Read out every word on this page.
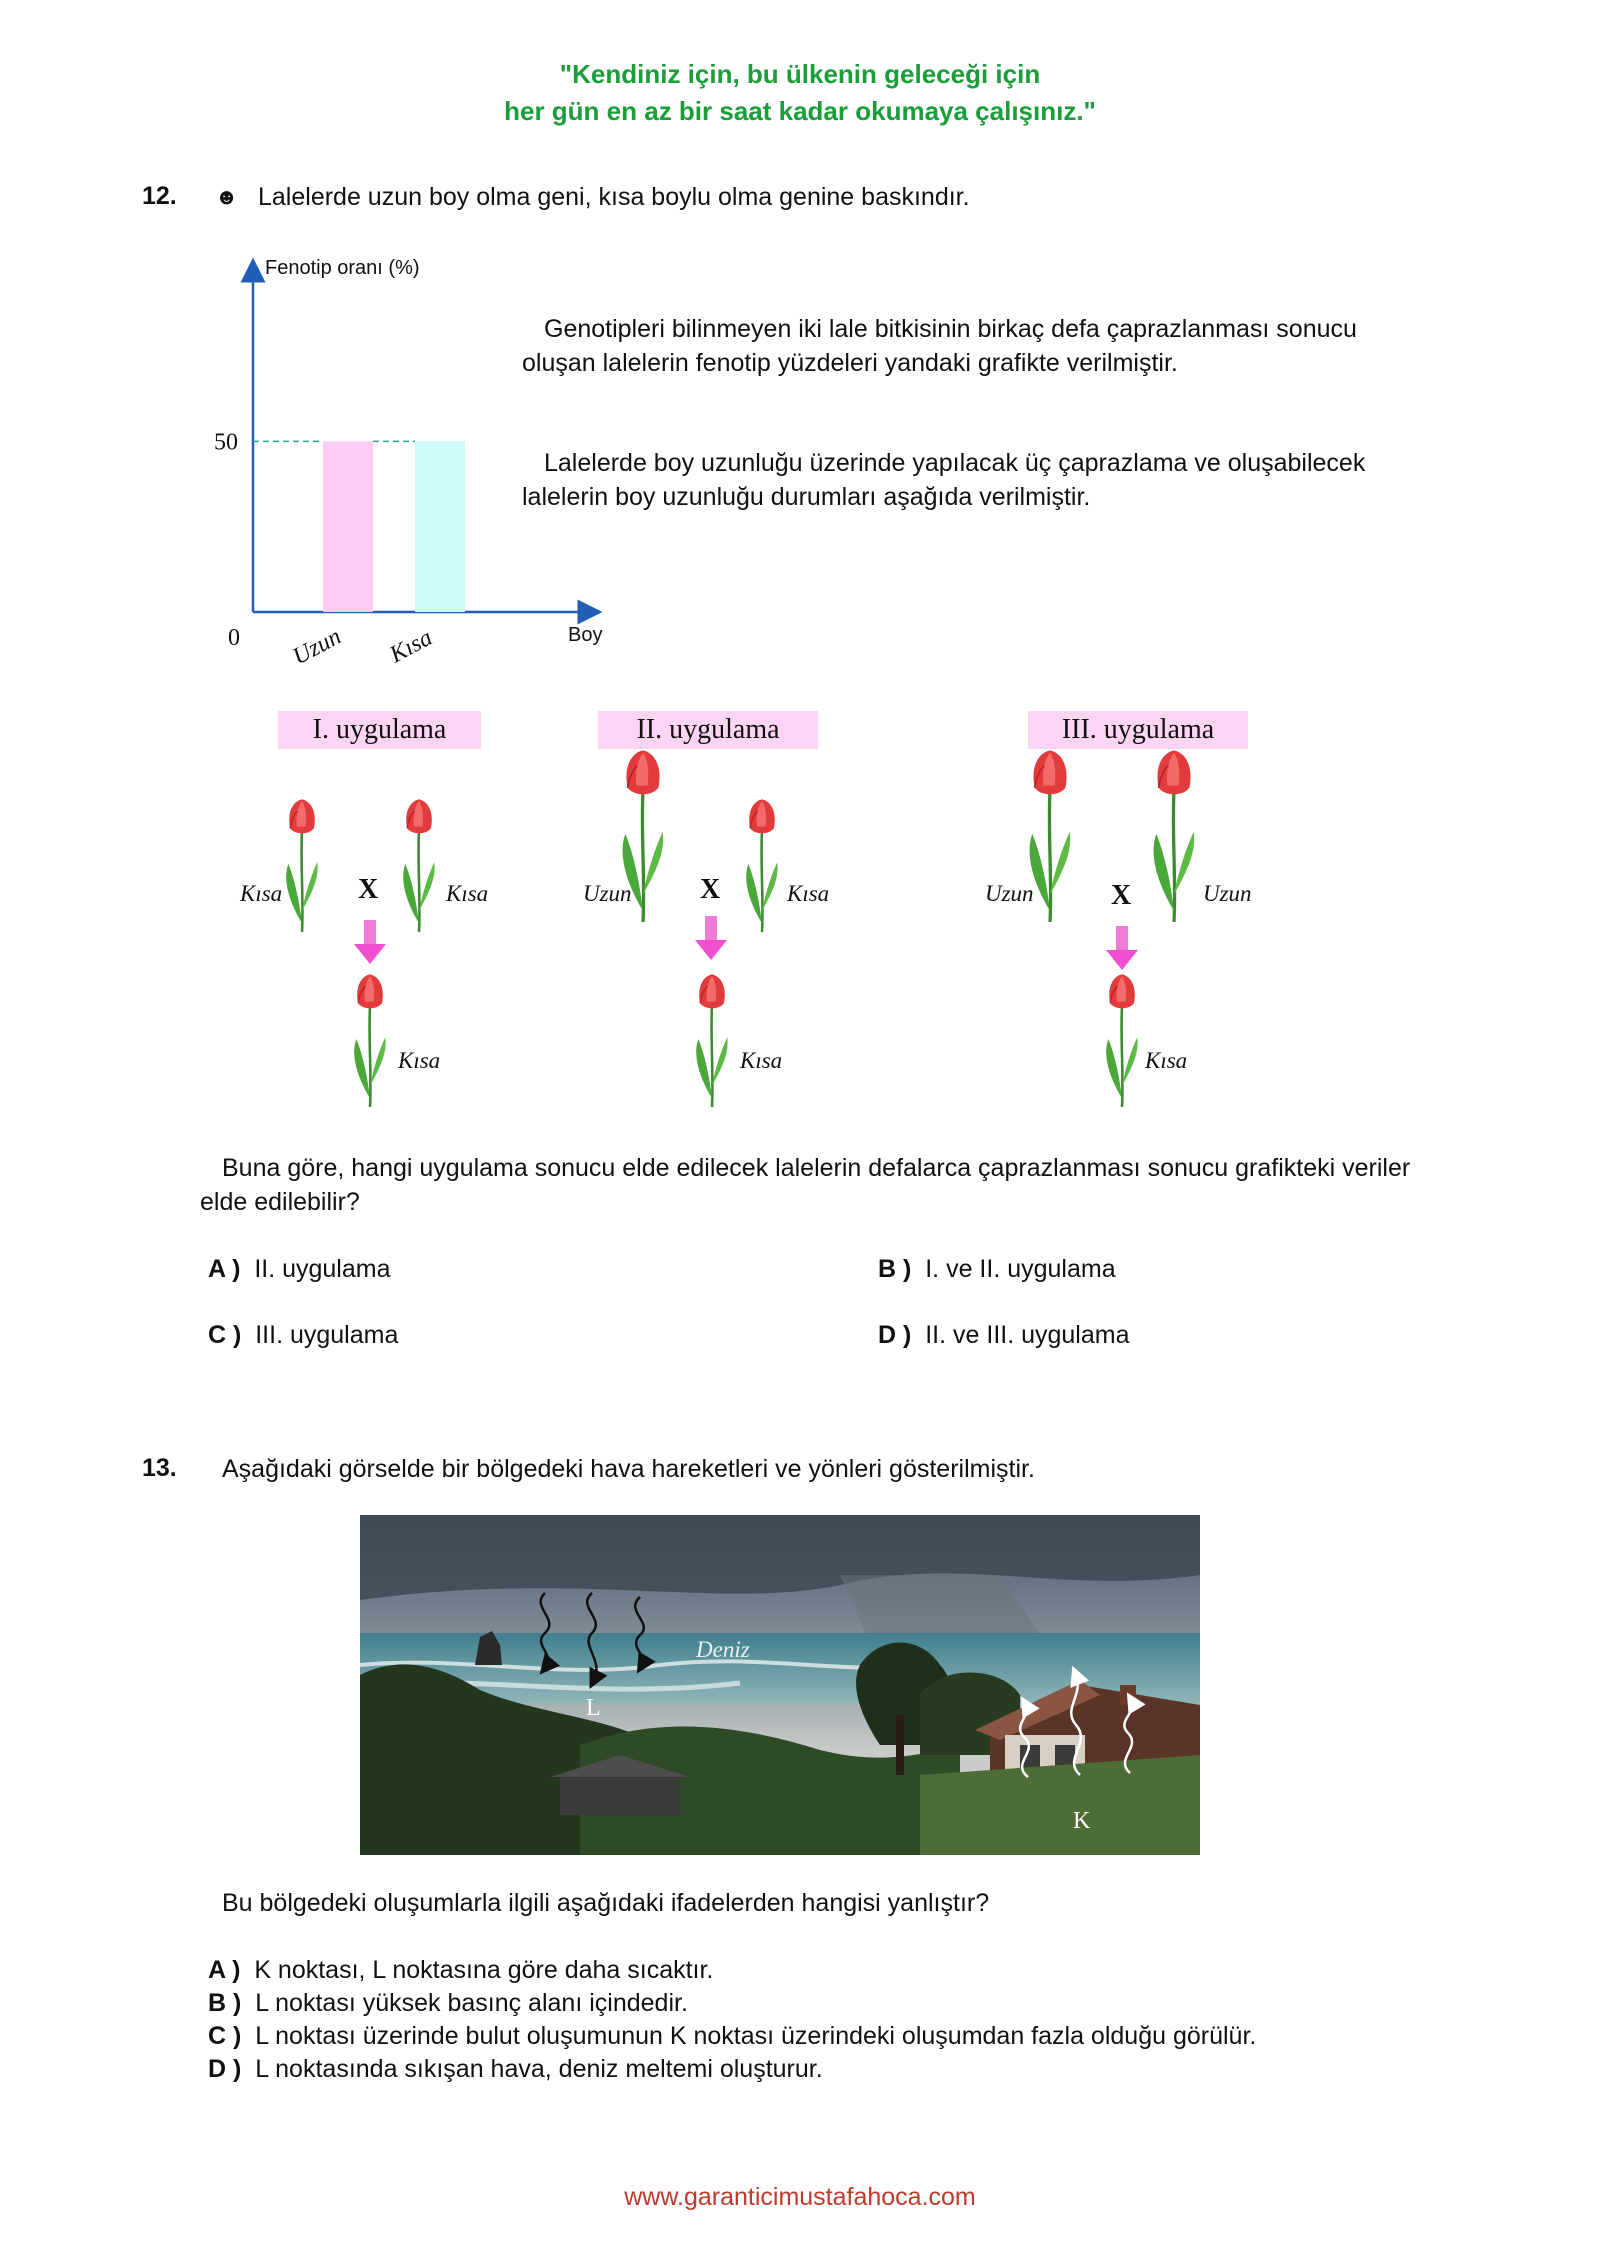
"Kendiniz için, bu ülkenin geleceği için
her gün en az bir saat kadar okumaya çalışınız."
12. ☻ Lalelerde uzun boy olma geni, kısa boylu olma genine baskındır.
Fenotip oranı (%)
Boy
0
50
Uzun Kısa
Genotipleri bilinmeyen iki lale bitkisinin birkaç defa çaprazlanması sonucu oluşan lalelerin fenotip yüzdeleri yandaki grafikte verilmiştir.
Lalelerde boy uzunluğu üzerinde yapılacak üç çaprazlama ve oluşabilecek lalelerin boy uzunluğu durumları aşağıda verilmiştir.
I. uygulama	II. uygulama	III. uygulama
Kısa	X	Kısa
Kısa
Uzun X	Kısa
Kısa
Uzun	X	Uzun
Kısa
Buna göre, hangi uygulama sonucu elde edilecek lalelerin defalarca çaprazlanması sonucu grafikteki veriler elde edilebilir?
A ) II. uygulama	B ) I. ve II. uygulama
C ) III. uygulama	D ) II. ve III. uygulama
13. Aşağıdaki görselde bir bölgedeki hava hareketleri ve yönleri gösterilmiştir.
Deniz
L
K
Bu bölgedeki oluşumlarla ilgili aşağıdaki ifadelerden hangisi yanlıştır?
A ) K noktası, L noktasına göre daha sıcaktır.
B ) L noktası yüksek basınç alanı içindedir.
C ) L noktası üzerinde bulut oluşumunun K noktası üzerindeki oluşumdan fazla olduğu görülür.
D ) L noktasında sıkışan hava, deniz meltemi oluşturur.
www.garanticimustafahoca.com
